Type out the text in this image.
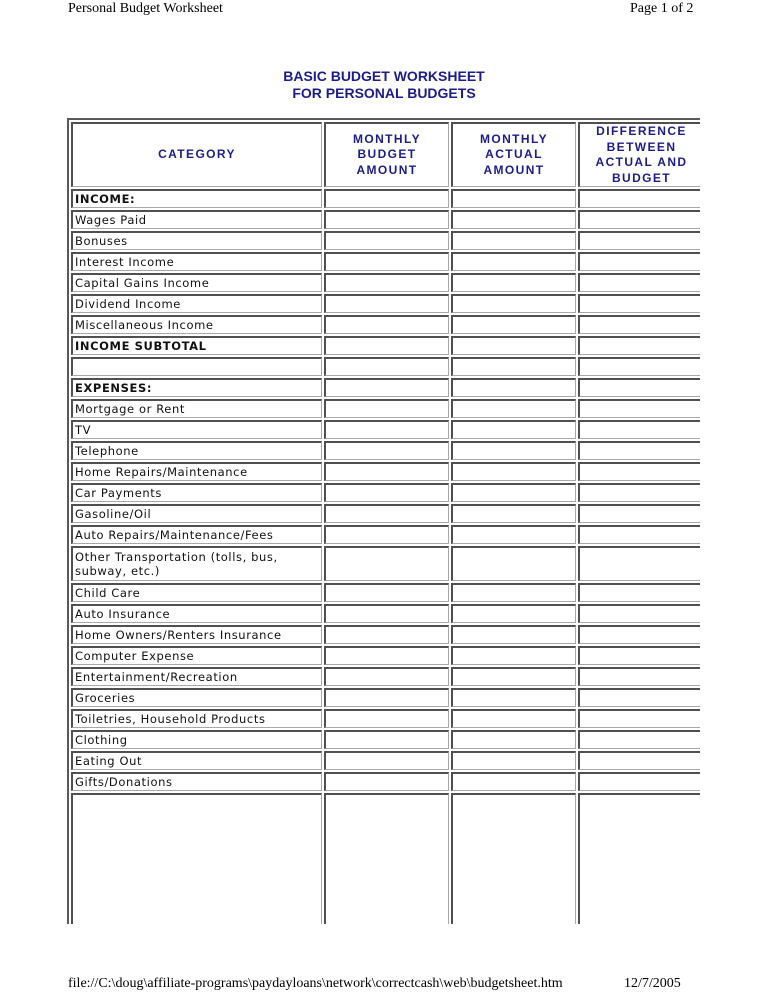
Personal Budget Worksheet	Page 1 of 2
BASIC BUDGET WORKSHEET
FOR PERSONAL BUDGETS
CATEGORY	MONTHLY BUDGET AMOUNT	MONTHLY ACTUAL AMOUNT	DIFFERENCE BETWEEN ACTUAL AND BUDGET
INCOME:			
Wages Paid			
Bonuses			
Interest Income			
Capital Gains Income			
Dividend Income			
Miscellaneous Income			
INCOME SUBTOTAL			

EXPENSES:			
Mortgage or Rent			
TV			
Telephone			
Home Repairs/Maintenance			
Car Payments			
Gasoline/Oil			
Auto Repairs/Maintenance/Fees			
Other Transportation (tolls, bus, subway, etc.)			
Child Care			
Auto Insurance			
Home Owners/Renters Insurance			
Computer Expense			
Entertainment/Recreation			
Groceries			
Toiletries, Household Products			
Clothing			
Eating Out			
Gifts/Donations			

file://C:\doug\affiliate-programs\paydayloans\network\correctcash\web\budgetsheet.htm	12/7/2005
